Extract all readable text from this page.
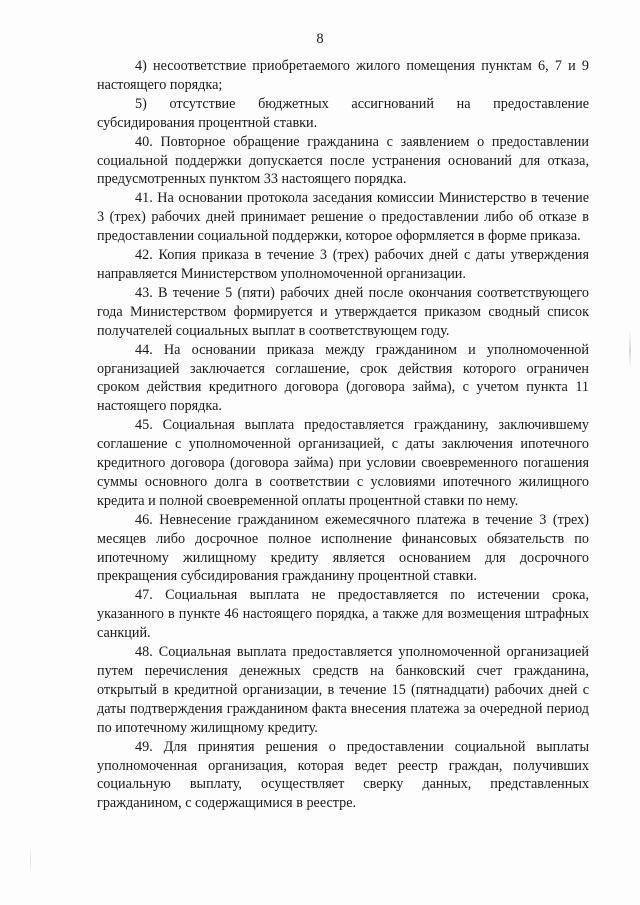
8

4) несоответствие приобретаемого жилого помещения пунктам 6, 7 и 9 настоящего порядка;

5) отсутствие бюджетных ассигнований на предоставление субсидирования процентной ставки.

40. Повторное обращение гражданина с заявлением о предоставлении социальной поддержки допускается после устранения оснований для отказа, предусмотренных пунктом 33 настоящего порядка.

41. На основании протокола заседания комиссии Министерство в течение 3 (трех) рабочих дней принимает решение о предоставлении либо об отказе в предоставлении социальной поддержки, которое оформляется в форме приказа.

42. Копия приказа в течение 3 (трех) рабочих дней с даты утверждения направляется Министерством уполномоченной организации.

43. В течение 5 (пяти) рабочих дней после окончания соответствующего года Министерством формируется и утверждается приказом сводный список получателей социальных выплат в соответствующем году.

44. На основании приказа между гражданином и уполномоченной организацией заключается соглашение, срок действия которого ограничен сроком действия кредитного договора (договора займа), с учетом пункта 11 настоящего порядка.

45. Социальная выплата предоставляется гражданину, заключившему соглашение с уполномоченной организацией, с даты заключения ипотечного кредитного договора (договора займа) при условии своевременного погашения суммы основного долга в соответствии с условиями ипотечного жилищного кредита и полной своевременной оплаты процентной ставки по нему.

46. Невнесение гражданином ежемесячного платежа в течение 3 (трех) месяцев либо досрочное полное исполнение финансовых обязательств по ипотечному жилищному кредиту является основанием для досрочного прекращения субсидирования гражданину процентной ставки.

47. Социальная выплата не предоставляется по истечении срока, указанного в пункте 46 настоящего порядка, а также для возмещения штрафных санкций.

48. Социальная выплата предоставляется уполномоченной организацией путем перечисления денежных средств на банковский счет гражданина, открытый в кредитной организации, в течение 15 (пятнадцати) рабочих дней с даты подтверждения гражданином факта внесения платежа за очередной период по ипотечному жилищному кредиту.

49. Для принятия решения о предоставлении социальной выплаты уполномоченная организация, которая ведет реестр граждан, получивших социальную выплату, осуществляет сверку данных, представленных гражданином, с содержащимися в реестре.
